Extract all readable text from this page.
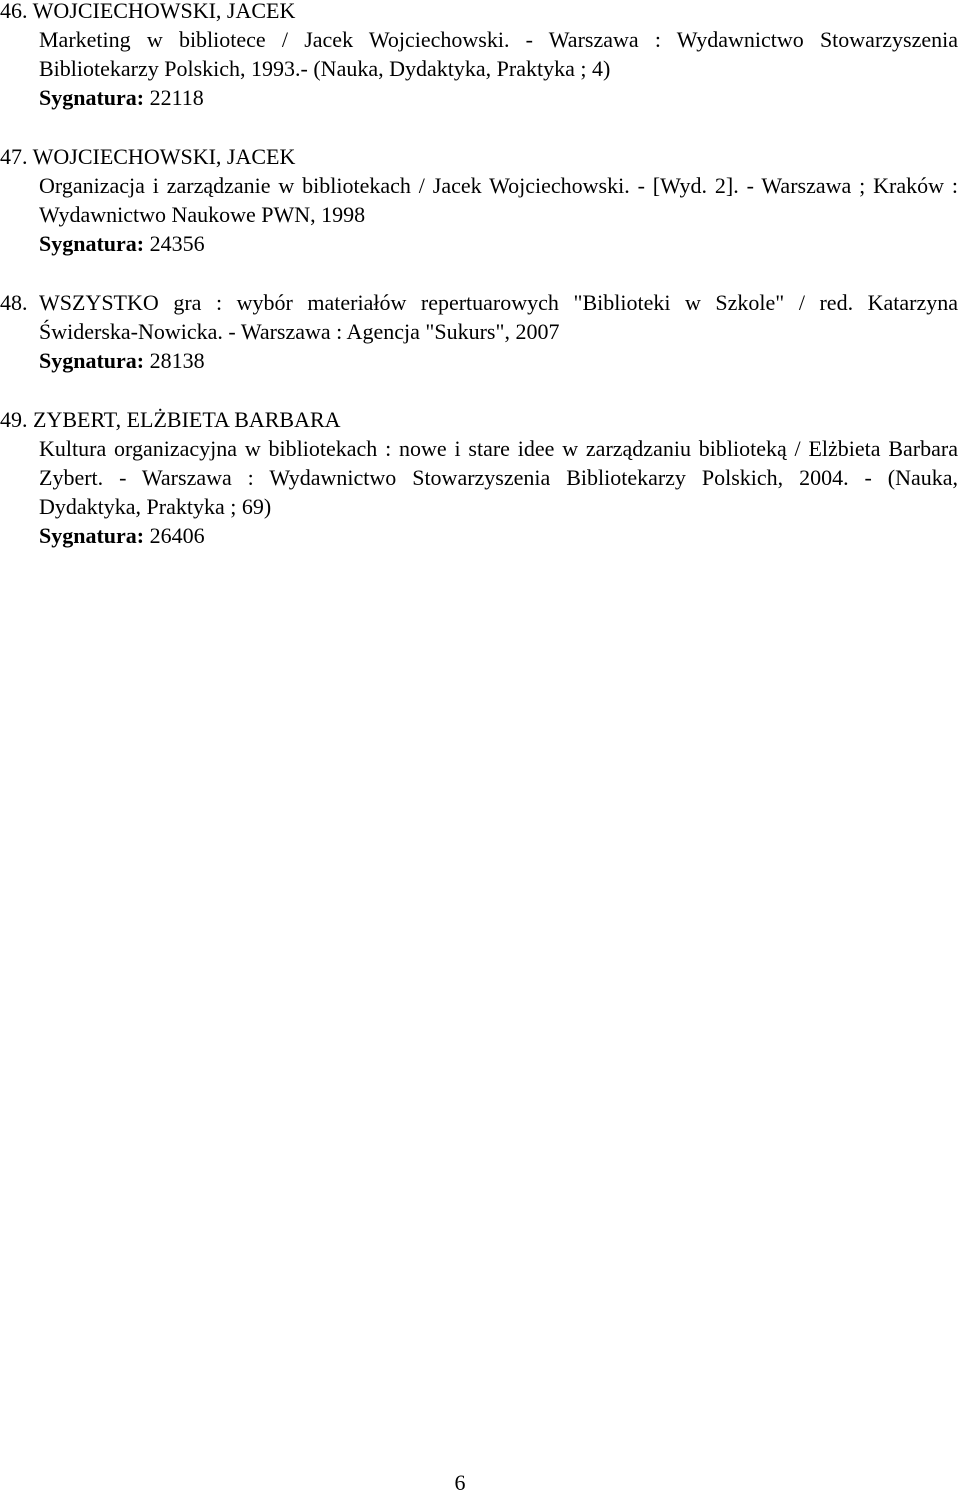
46. WOJCIECHOWSKI, JACEK
Marketing w bibliotece / Jacek Wojciechowski. - Warszawa : Wydawnictwo Stowarzyszenia Bibliotekarzy Polskich, 1993.- (Nauka, Dydaktyka, Praktyka ; 4)
Sygnatura: 22118
47. WOJCIECHOWSKI, JACEK
Organizacja i zarządzanie w bibliotekach / Jacek Wojciechowski. - [Wyd. 2]. - Warszawa ; Kraków : Wydawnictwo Naukowe PWN, 1998
Sygnatura: 24356
48. WSZYSTKO gra : wybór materiałów repertuarowych "Biblioteki w Szkole" / red. Katarzyna Świderska-Nowicka. - Warszawa : Agencja "Sukurs", 2007
Sygnatura: 28138
49. ZYBERT, ELŻBIETA BARBARA
Kultura organizacyjna w bibliotekach : nowe i stare idee w zarządzaniu biblioteką / Elżbieta Barbara Zybert. - Warszawa : Wydawnictwo Stowarzyszenia Bibliotekarzy Polskich, 2004. - (Nauka, Dydaktyka, Praktyka ; 69)
Sygnatura: 26406
6
